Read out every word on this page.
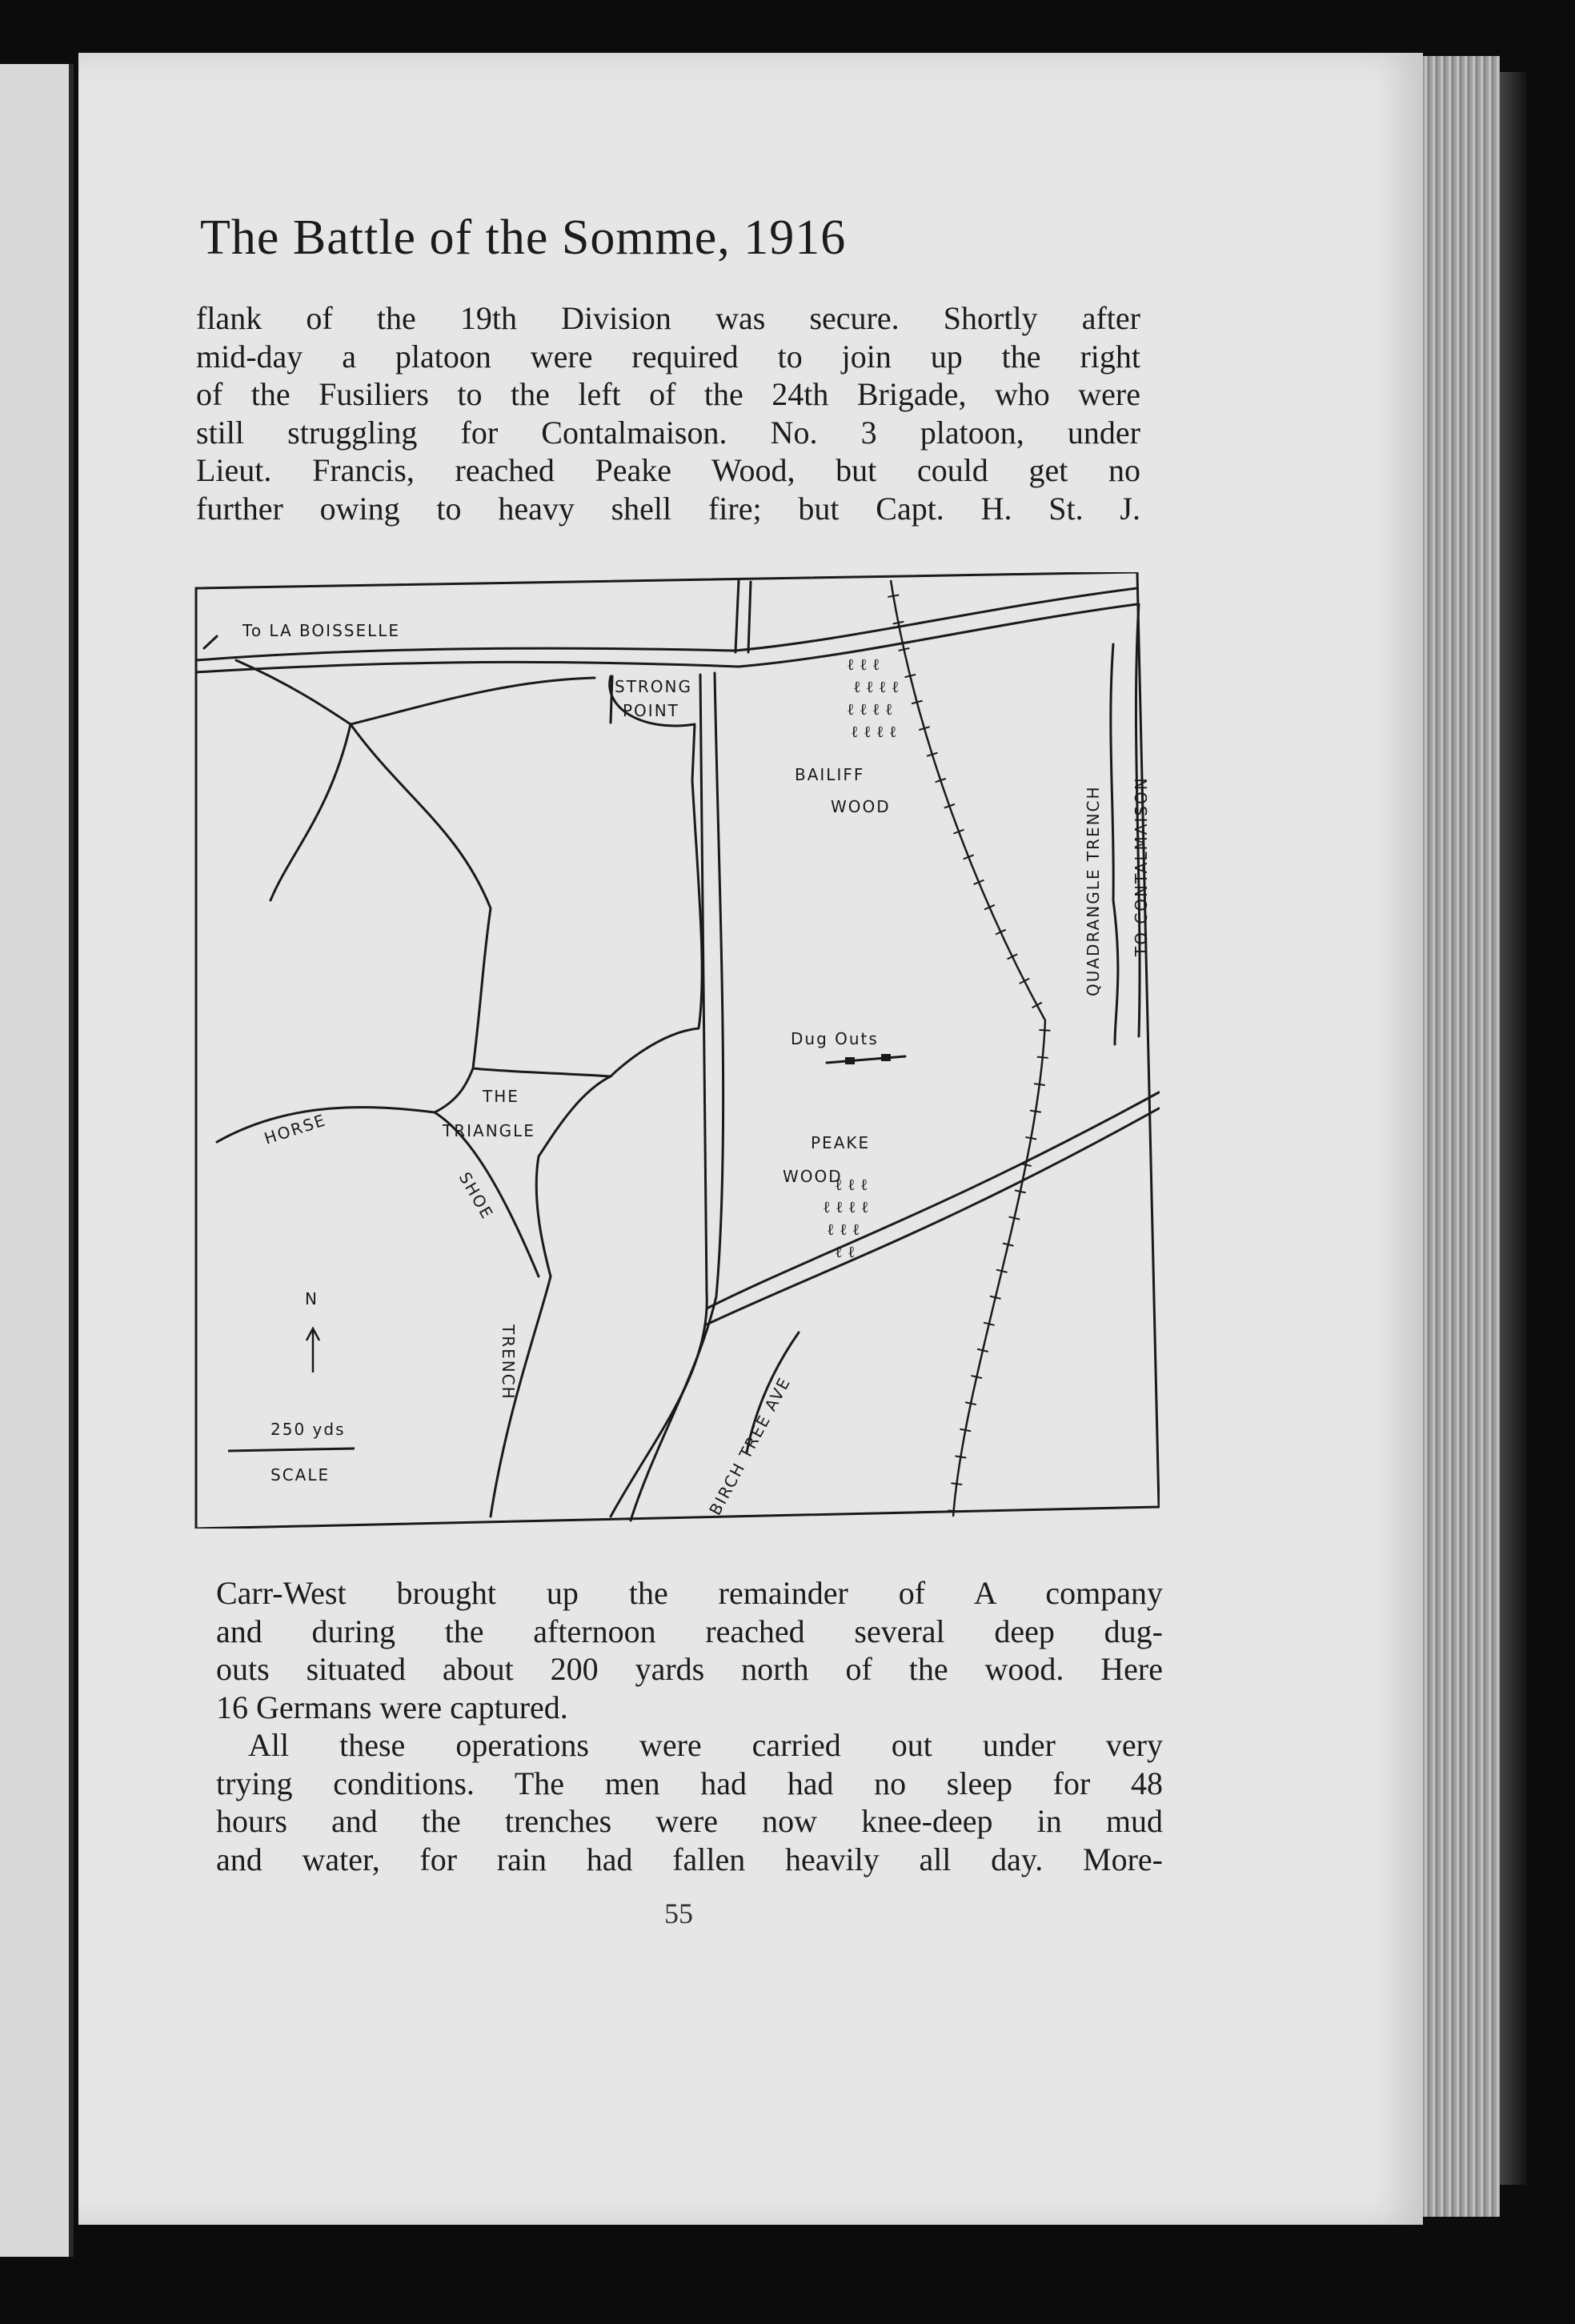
The Battle of the Somme, 1916

flank of the 19th Division was secure. Shortly after
mid-day a platoon were required to join up the right
of the Fusiliers to the left of the 24th Brigade, who were
still struggling for Contalmaison. No. 3 platoon, under
Lieut. Francis, reached Peake Wood, but could get no
further owing to heavy shell fire; but Capt. H. St. J.

ℓ ℓ ℓ
ℓ ℓ ℓ ℓ
ℓ ℓ ℓ ℓ
ℓ ℓ ℓ ℓ
ℓ ℓ ℓ
ℓ ℓ ℓ ℓ
ℓ ℓ ℓ
ℓ ℓ
To LA BOISSELLE
STRONG
POINT
BAILIFF
WOOD	QUADRANGLE TRENCH TO CONTALMAISON
Dug Outs
THE
TRIANGLE
HORSE
SHOE
TRENCH
PEAKE
WOOD
BIRCH TREE AVE
N
250 yds
SCALE

Carr-West brought up the remainder of A company
and during the afternoon reached several deep dug-
outs situated about 200 yards north of the wood. Here
16 Germans were captured.
All these operations were carried out under very
trying conditions. The men had had no sleep for 48
hours and the trenches were now knee-deep in mud
and water, for rain had fallen heavily all day. More-

55
